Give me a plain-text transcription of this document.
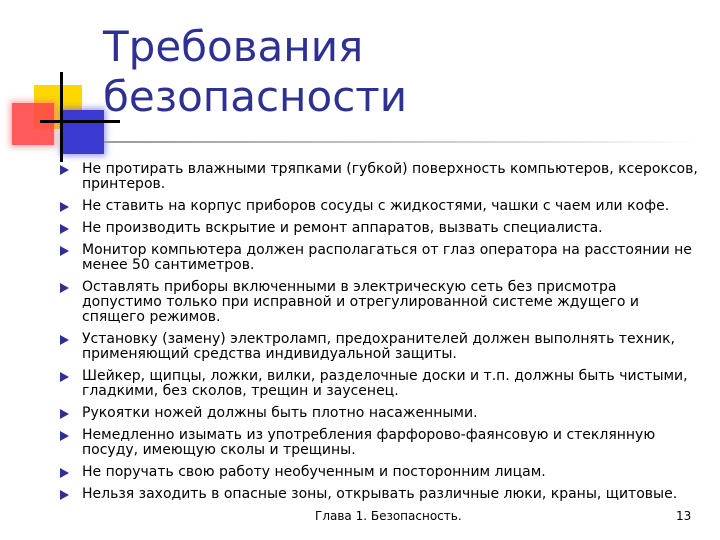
Требования
безопасности
Не протирать влажными тряпками (губкой) поверхность компьютеров, ксероксов, принтеров.
Не ставить на корпус приборов сосуды с жидкостями, чашки с чаем или кофе.
Не производить вскрытие и ремонт аппаратов, вызвать специалиста.
Монитор компьютера должен располагаться от глаз оператора на расстоянии не менее 50 сантиметров.
Оставлять приборы включенными в электрическую сеть без присмотра допустимо только при исправной и отрегулированной системе ждущего и спящего режимов.
Установку (замену) электроламп, предохранителей должен выполнять техник, применяющий средства индивидуальной защиты.
Шейкер, щипцы, ложки, вилки, разделочные доски и т.п. должны быть чистыми, гладкими, без сколов, трещин и заусенец.
Рукоятки ножей должны быть плотно насаженными.
Немедленно изымать из употребления фарфорово-фаянсовую и стеклянную посуду, имеющую сколы и трещины.
Не поручать свою работу необученным и посторонним лицам.
Нельзя заходить в опасные зоны, открывать различные люки, краны, щитовые.
Глава 1. Безопасность.	13
